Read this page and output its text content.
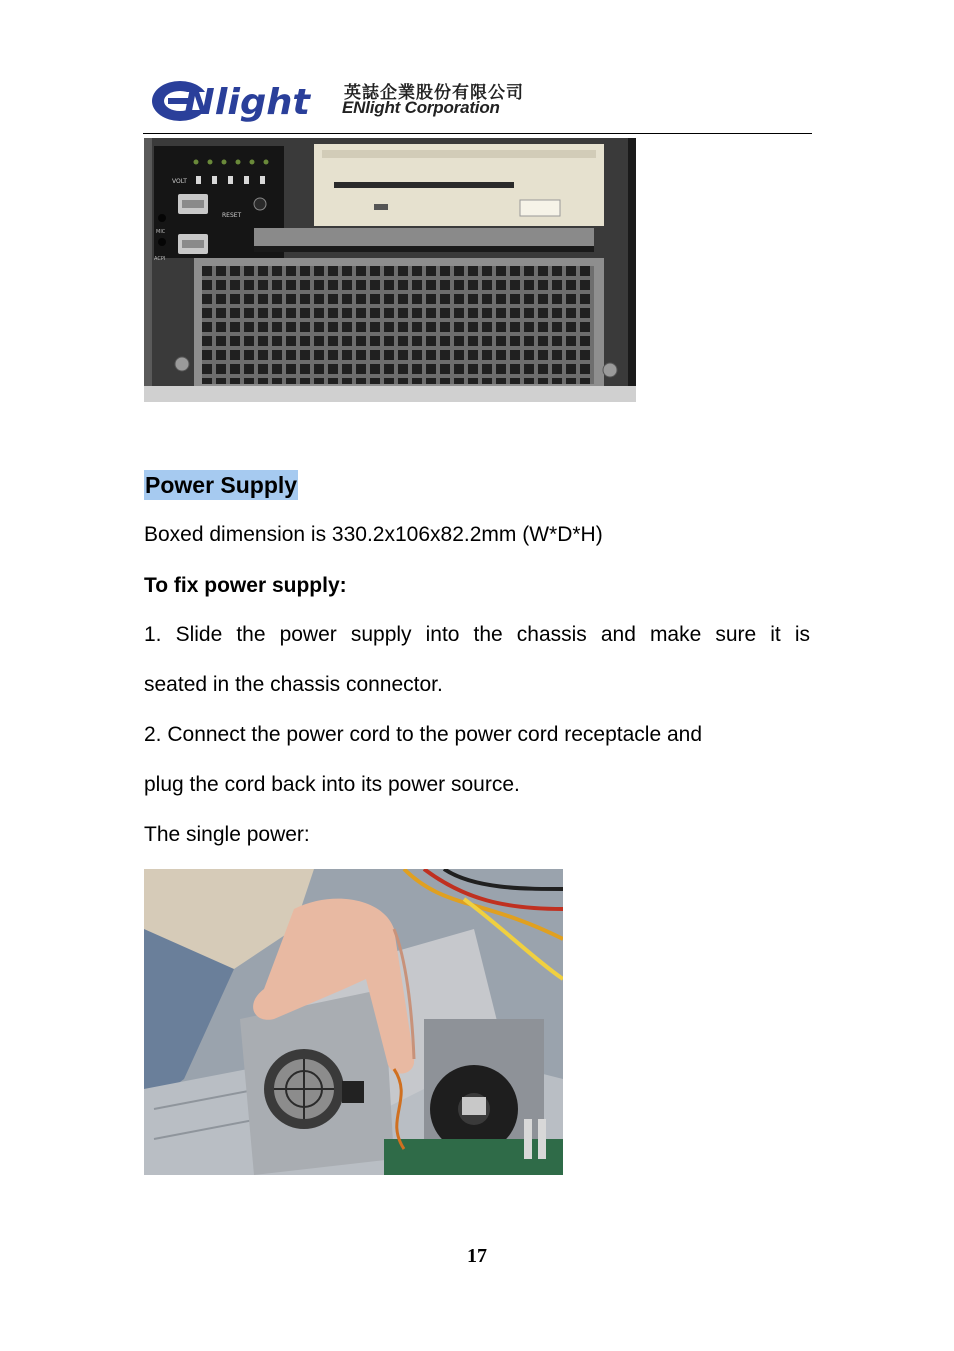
Nlight 英誌企業股份有限公司
ENlight Corporation
VOLT
RESET
MIC
ACPI
Power Supply
Boxed dimension is 330.2x106x82.2mm (W*D*H)
To fix power supply:
1. Slide the power supply into the chassis and make sure it is
seated in the chassis connector.
2. Connect the power cord to the power cord receptacle and
plug the cord back into its power source.
The single power:
17
